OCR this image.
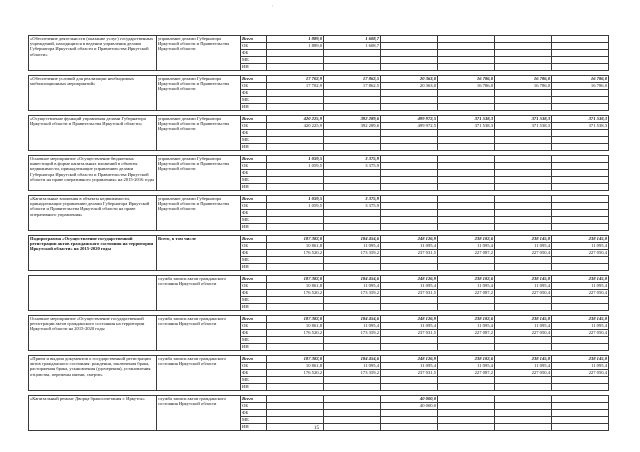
'
«Обеспечение деятельности (оказание услуг) государственных учреждений, находящихся в ведении управления делами Губернатора Иркутской области и Правительства Иркутской области»	управление делами Губернатора Иркутской области и Правительства Иркутской области	Всего	1 889,0	1 608,7				
		ОБ	1 889,0	1 608,7				
		ФБ						
		МБ						
		ИИ						

«Обеспечение условий для реализации необходимых мобилизационных мероприятий»	управление делами Губернатора Иркутской области и Правительства Иркутской области	Всего	17 702,9	17 862,5	20 363,0	16 786,0	16 786,0	16 786,0
		ОБ	17 702,9	17 862,5	20 363,0	16 786,0	16 786,0	16 786,0
		ФБ						
		МБ						
		ИИ						

«Осуществление функций управления делами Губернатора Иркутской области и Правительства Иркутской области»	управление делами Губернатора Иркутской области и Правительства Иркутской области	Всего	420 225,9	392 289,6	499 972,5	371 538,3	371 538,3	371 538,3
		ОБ	420 225,9	392 289,6	499 972,5	371 538,3	371 538,3	371 538,3
		ФБ						
		МБ						
		ИИ						

Основное мероприятие «Осуществление бюджетных инвестиций в форме капитальных вложений в объекты недвижимости, принадлежащие управлению делами Губернатора Иркутской области и Правительства Иркутской области на праве оперативного управления» на 2015-2016 годы	управление делами Губернатора Иркутской области и Правительства Иркутской области	Всего	1 059,5	3 375,9				
		ОБ	1 059,5	3 375,9				
		ФБ						
		МБ						
		ИИ						

«Капитальные вложения в объекты недвижимости, принадлежащие управлению делами Губернатора Иркутской области и Правительства Иркутской области на праве оперативного управления»	управление делами Губернатора Иркутской области и Правительства Иркутской области	Всего	1 059,5	3 375,9				
		ОБ	1 059,5	3 375,9				
		ФБ						
		МБ						
		ИИ						

Подпрограмма «Осуществление государственной регистрации актов гражданского состояния на территории Иркутской области» на 2015-2020 годы	Всего, в том числе	Всего	187 382,0	184 454,6	248 126,9	238 182,6	238 145,8	238 145,8
		ОБ	10 861,8	11 095,4	11 095,4	11 095,4	11 095,4	11 095,4
		ФБ	176 520,2	173 359,2	237 031,5	227 087,2	227 050,4	227 050,4
		МБ						
		ИИ						

	служба записи актов гражданского состояния Иркутской области	Всего	187 382,0	184 454,6	248 126,9	238 182,6	238 145,8	238 145,8
		ОБ	10 861,8	11 095,4	11 095,4	11 095,4	11 095,4	11 095,4
		ФБ	176 520,2	173 359,2	237 031,5	227 087,2	227 050,4	227 050,4
		МБ						
		ИИ						

Основное мероприятие «Осуществление государственной регистрации актов гражданского состояния на территории Иркутской области на 2015-2020 годы	служба записи актов гражданского состояния Иркутской области	Всего	187 382,0	184 454,6	248 126,9	238 182,6	238 145,8	238 145,8
		ОБ	10 861,8	11 095,4	11 095,4	11 095,4	11 095,4	11 095,4
		ФБ	176 520,2	173 359,2	237 031,5	227 087,2	227 050,4	227 050,4
		МБ						
		ИИ						

«Прием и выдача документов о государственной регистрации актов гражданского состояния: рождения, заключения брака, расторжения брака, усыновления (удочерения), установления отцовства, перемены имени, смерти»	служба записи актов гражданского состояния Иркутской области	Всего	187 382,0	184 454,6	248 126,9	238 182,6	238 145,8	238 145,8
		ОБ	10 861,8	11 095,4	11 095,4	11 095,4	11 095,4	11 095,4
		ФБ	176 520,2	173 359,2	237 031,5	227 087,2	227 050,4	227 050,4
		МБ						
		ИИ						

«Капитальный ремонт Дворца бракосочетания г. Иркутск»	служба записи актов гражданского состояния Иркутской области	Всего			40 000,0			
		ОБ			40 000,0			
		ФБ						
		МБ						
		ИИ							15
